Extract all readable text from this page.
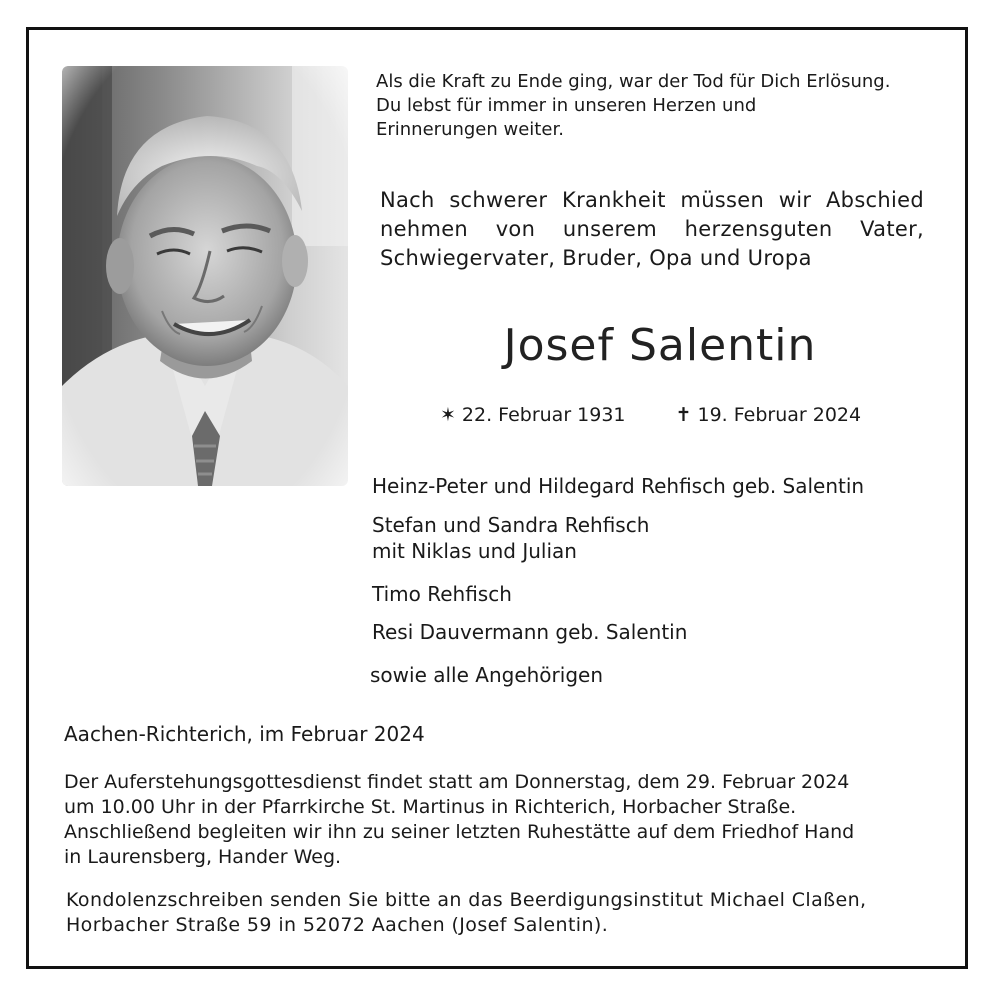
Als die Kraft zu Ende ging, war der Tod für Dich Erlösung.
Du lebst für immer in unseren Herzen und
Erinnerungen weiter.
Nach schwerer Krankheit müssen wir Abschied
nehmen von unserem herzensguten Vater,
Schwiegervater, Bruder, Opa und Uropa
Josef Salentin
✶ 22. Februar 1931	✝ 19. Februar 2024
Heinz-Peter und Hildegard Rehfisch geb. Salentin
Stefan und Sandra Rehfisch
mit Niklas und Julian
Timo Rehfisch
Resi Dauvermann geb. Salentin
sowie alle Angehörigen
Aachen-Richterich, im Februar 2024
Der Auferstehungsgottesdienst findet statt am Donnerstag, dem 29. Februar 2024
um 10.00 Uhr in der Pfarrkirche St. Martinus in Richterich, Horbacher Straße.
Anschließend begleiten wir ihn zu seiner letzten Ruhestätte auf dem Friedhof Hand
in Laurensberg, Hander Weg.
Kondolenzschreiben senden Sie bitte an das Beerdigungsinstitut Michael Claßen,
Horbacher Straße 59 in 52072 Aachen (Josef Salentin).
